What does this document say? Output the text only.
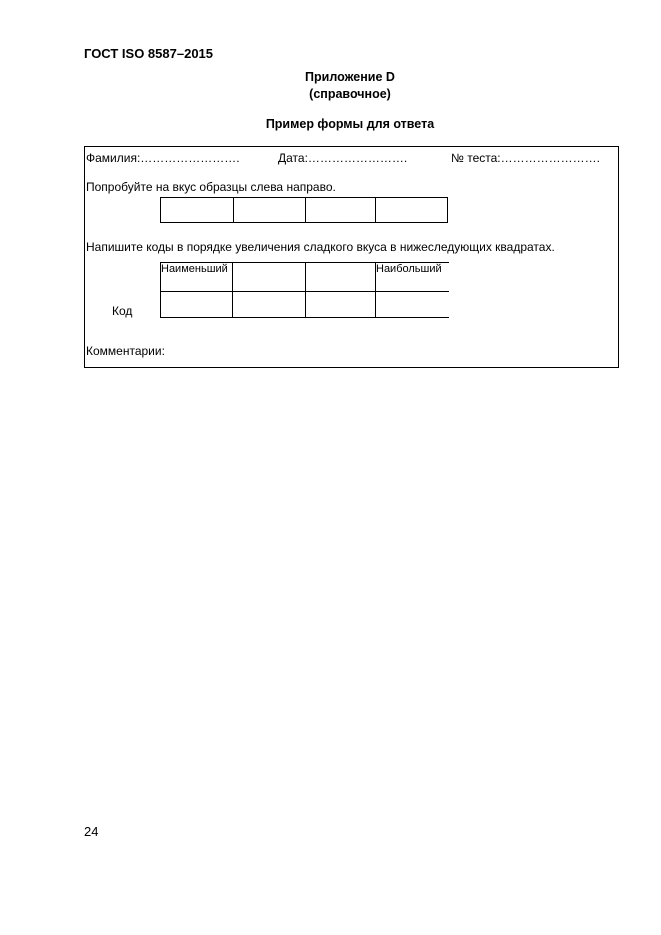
ГОСТ ISO 8587–2015
Приложение D
(справочное)
Пример формы для ответа
Фамилия:…………………….	Дата:…………………….	№ теста:…………………….
Попробуйте на вкус образцы слева направо.

Напишите коды в порядке увеличения сладкого вкуса в нижеследующих квадратах.
Наименьший			Наибольший

Код
Комментарии:
24
